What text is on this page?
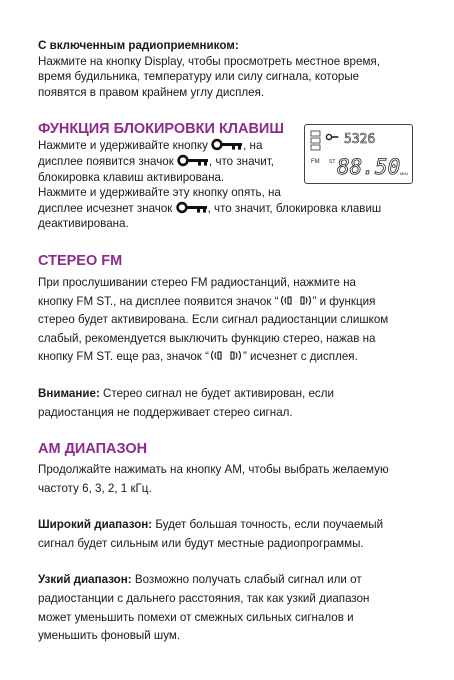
С включенным радиоприемником:

Нажмите на кнопку Display, чтобы просмотреть местное время,

время будильника, температуру или силу сигнала, которые

появятся в правом крайнем углу дисплея.

ФУНКЦИЯ БЛОКИРОВКИ КЛАВИШ

Нажмите и удерживайте кнопку	, на

дисплее появится значок	, что значит,

блокировка клавиш активирована.

Нажмите и удерживайте эту кнопку опять, на

дисплее исчезнет значок	, что значит, блокировка клавиш

деактивирована.

СТЕРЕО FM

При прослушивании стерео FM радиостанций, нажмите на

кнопку FM ST., на дисплее появится значок “	” и функция

стерео будет активирована. Если сигнал радиостанции слишком

слабый, рекомендуется выключить функцию стерео, нажав на

кнопку FM ST. еще раз, значок “	” исчезнет с дисплея.

Внимание: Стерео сигнал не будет активирован, если

радиостанция не поддерживает стерео сигнал.

AM ДИАПАЗОН

Продолжайте нажимать на кнопку AM, чтобы выбрать желаемую

частоту 6, 3, 2, 1 кГц.

Широкий диапазон: Будет большая точность, если поучаемый

сигнал будет сильным или будут местные радиопрограммы.

Узкий диапазон: Возможно получать слабый сигнал или от

радиостанции с дальнего расстояния, так как узкий диапазон

может уменьшить помехи от смежных сильных сигналов и

уменьшить фоновый шум.

FM
5326
ST 88.50 MHz
